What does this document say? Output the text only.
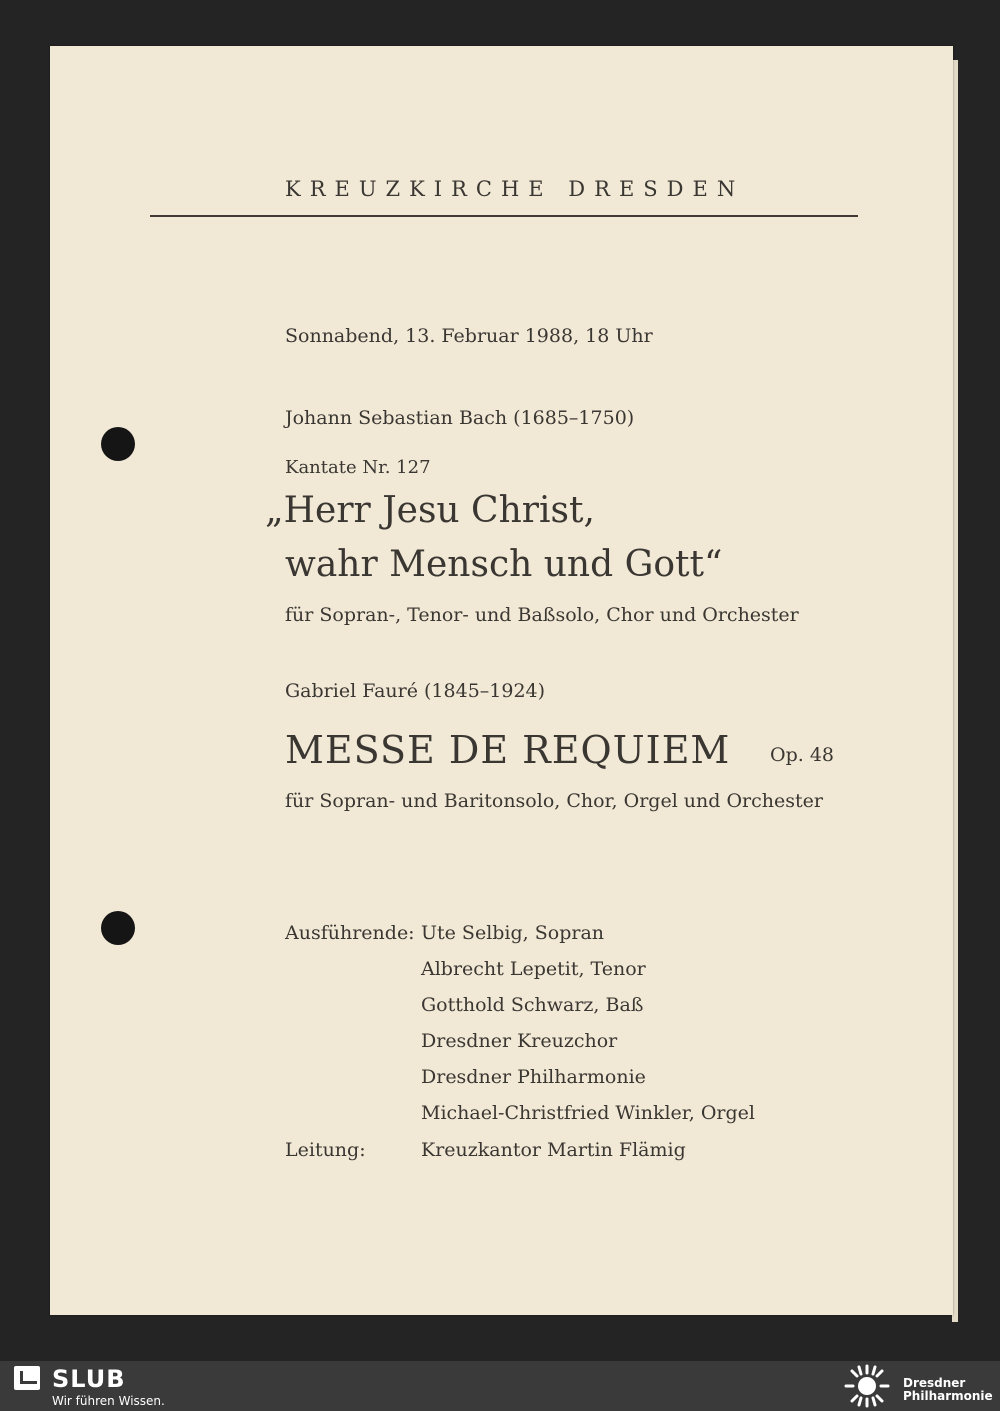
KREUZKIRCHE DRESDEN
Sonnabend, 13. Februar 1988, 18 Uhr
Johann Sebastian Bach (1685–1750)
Kantate Nr. 127
„Herr Jesu Christ,
wahr Mensch und Gott“
für Sopran-, Tenor- und Baßsolo, Chor und Orchester
Gabriel Fauré (1845–1924)
MESSE DE REQUIEM Op. 48
für Sopran- und Baritonsolo, Chor, Orgel und Orchester
Ausführende: Ute Selbig, Sopran
Albrecht Lepetit, Tenor
Gotthold Schwarz, Baß
Dresdner Kreuzchor
Dresdner Philharmonie
Michael-Christfried Winkler, Orgel
Leitung:	Kreuzkantor Martin Flämig
SLUB
Wir führen Wissen.
Dresdner
Philharmonie
